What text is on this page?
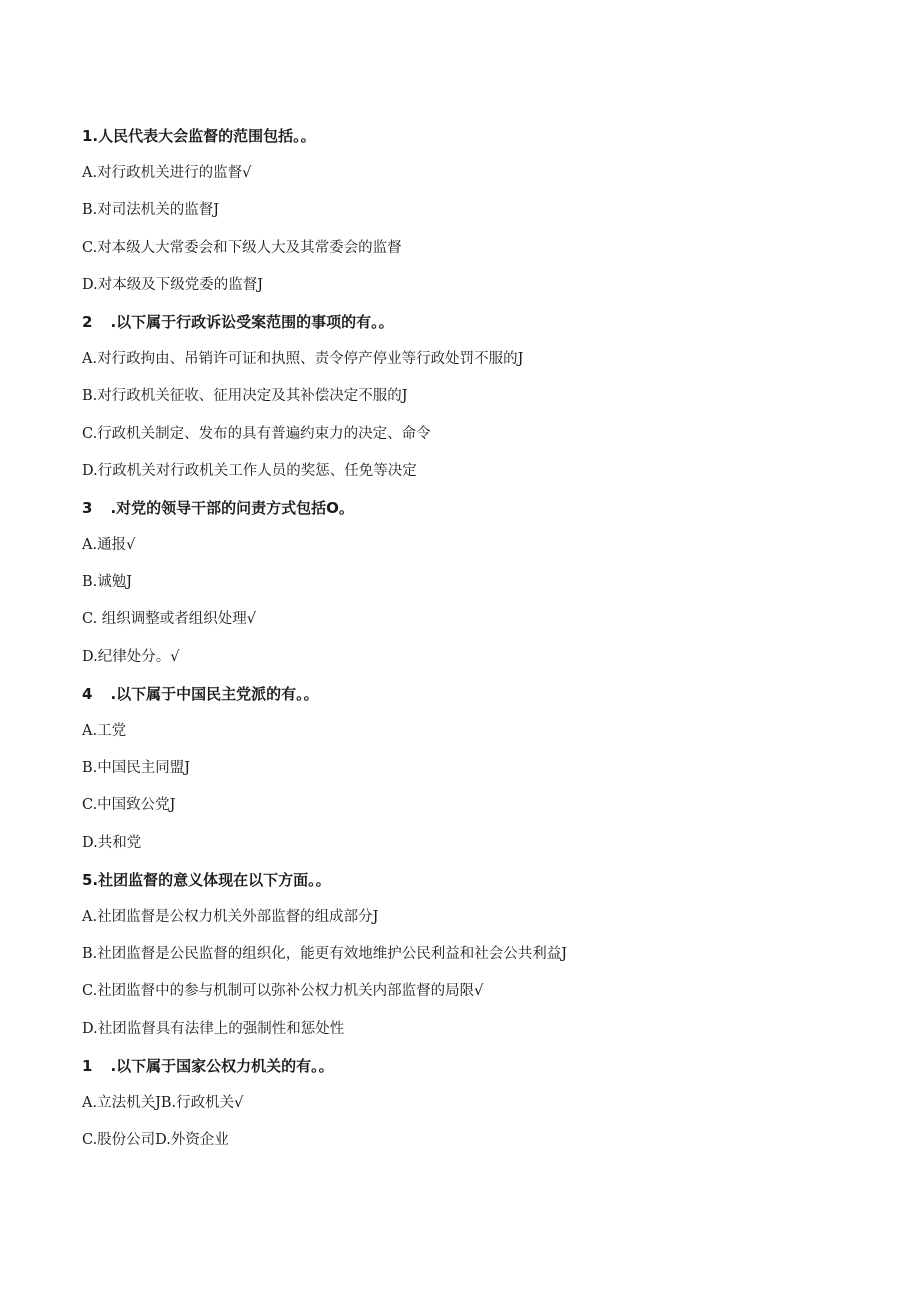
1.人民代表大会监督的范围包括。。
A.对行政机关进行的监督√
B.对司法机关的监督J
C.对本级人大常委会和下级人大及其常委会的监督
D.对本级及下级党委的监督J
2 .以下属于行政诉讼受案范围的事项的有。。
A.对行政拘由、吊销许可证和执照、责令停产停业等行政处罚不服的J
B.对行政机关征收、征用决定及其补偿决定不服的J
C.行政机关制定、发布的具有普遍约束力的决定、命令
D.行政机关对行政机关工作人员的奖惩、任免等决定
3 .对党的领导干部的问责方式包括O。
A.通报√
B.诚勉J
C. 组织调整或者组织处理√
D.纪律处分。√
4 .以下属于中国民主党派的有。。
A.工党
B.中国民主同盟J
C.中国致公党J
D.共和党
5.社团监督的意义体现在以下方面。。
A.社团监督是公权力机关外部监督的组成部分J
B.社团监督是公民监督的组织化，能更有效地维护公民利益和社会公共利益J
C.社团监督中的参与机制可以弥补公权力机关内部监督的局限√
D.社团监督具有法律上的强制性和惩处性
1 .以下属于国家公权力机关的有。。
A.立法机关JB.行政机关√
C.股份公司D.外资企业
